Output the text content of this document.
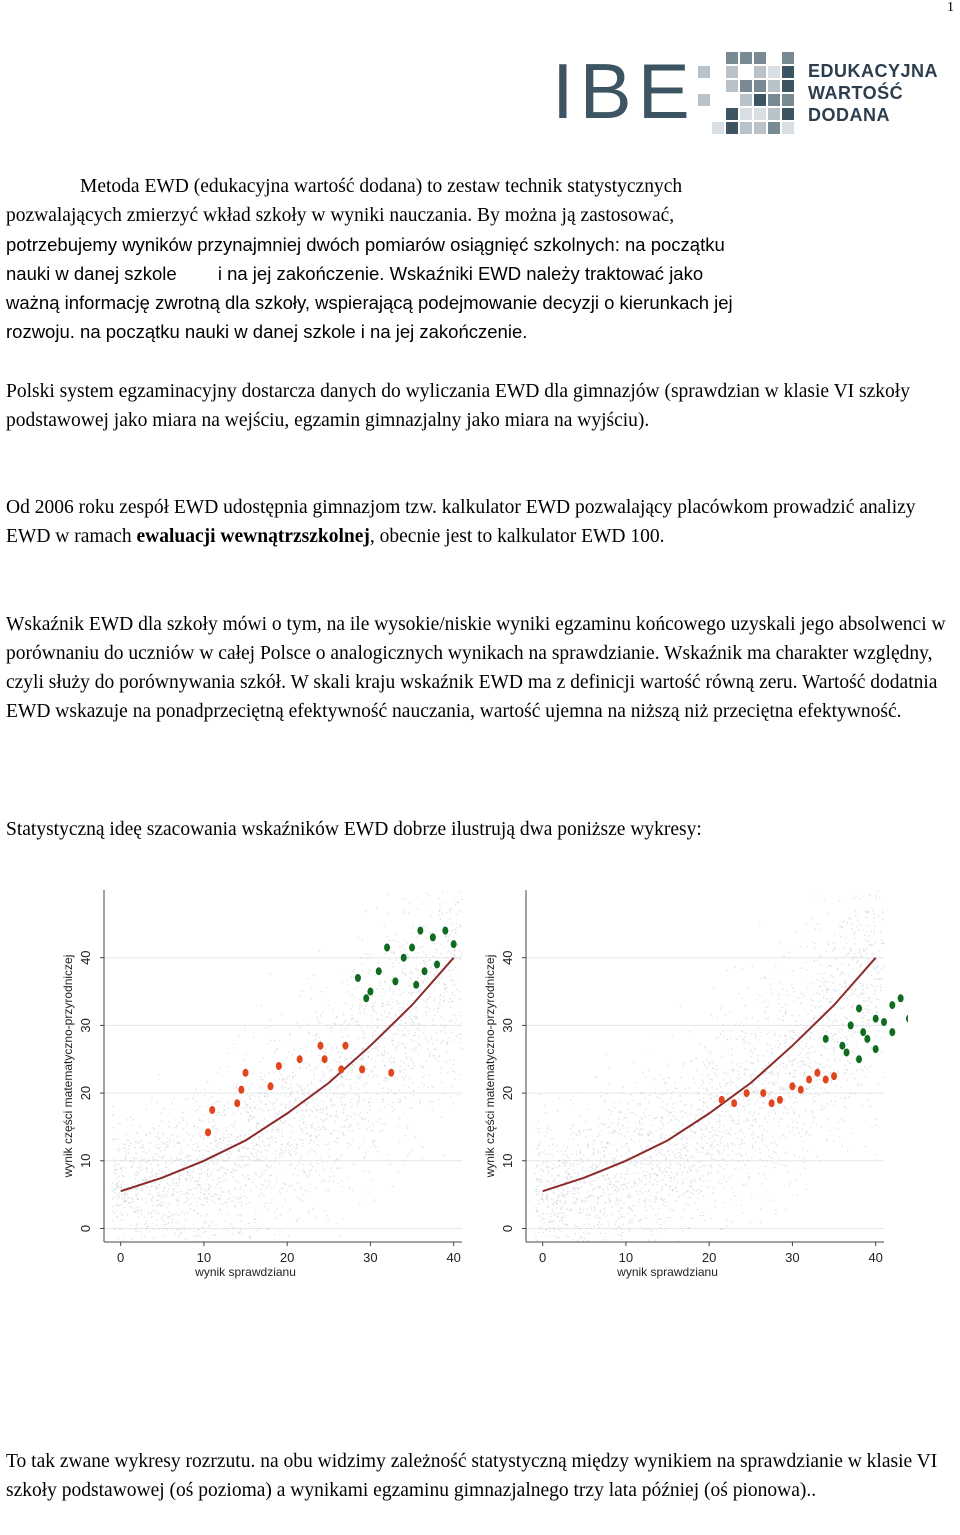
1
IBE	EDUKACYJNA
WARTOŚĆ
DODANA

Metoda EWD (edukacyjna wartość dodana) to zestaw technik statystycznych

pozwalających zmierzyć wkład szkoły w wyniki nauczania. By można ją zastosować,

potrzebujemy wyników przynajmniej dwóch pomiarów osiągnięć szkolnych: na początku

nauki w danej szkole        i na jej zakończenie. Wskaźniki EWD należy traktować jako

ważną informację zwrotną dla szkoły, wspierającą podejmowanie decyzji o kierunkach jej

rozwoju. na początku nauki w danej szkole i na jej zakończenie.

Polski system egzaminacyjny dostarcza danych do wyliczania EWD dla gimnazjów (sprawdzian w klasie VI szkoły podstawowej jako miara na wejściu, egzamin gimnazjalny jako miara na wyjściu).

Od 2006 roku zespół EWD udostępnia gimnazjom tzw. kalkulator EWD pozwalający placówkom prowadzić analizy EWD w ramach ewaluacji wewnątrzszkolnej, obecnie jest to kalkulator EWD 100.

Wskaźnik EWD dla szkoły mówi o tym, na ile wysokie/niskie wyniki egzaminu końcowego uzyskali jego absolwenci w porównaniu do uczniów w całej Polsce o analogicznych wynikach na sprawdzianie. Wskaźnik ma charakter względny, czyli służy do porównywania szkół. W skali kraju wskaźnik EWD ma z definicji wartość równą zeru. Wartość dodatnia EWD wskazuje na ponadprzeciętną efektywność nauczania, wartość ujemna na niższą niż przeciętna efektywność.

Statystyczną ideę szacowania wskaźników EWD dobrze ilustrują dwa poniższe wykresy:

0
10
20
30
40
0	10	20	30	40
wynik sprawdzianu
wynik części matematyczno-przyrodniczej
0
10
20
30
40
0	10	20	30	40
wynik sprawdzianu
wynik części matematyczno-przyrodniczej

To tak zwane wykresy rozrzutu. na obu widzimy zależność statystyczną między wynikiem na sprawdzianie w klasie VI szkoły podstawowej (oś pozioma) a wynikami egzaminu gimnazjalnego trzy lata później (oś pionowa)..
